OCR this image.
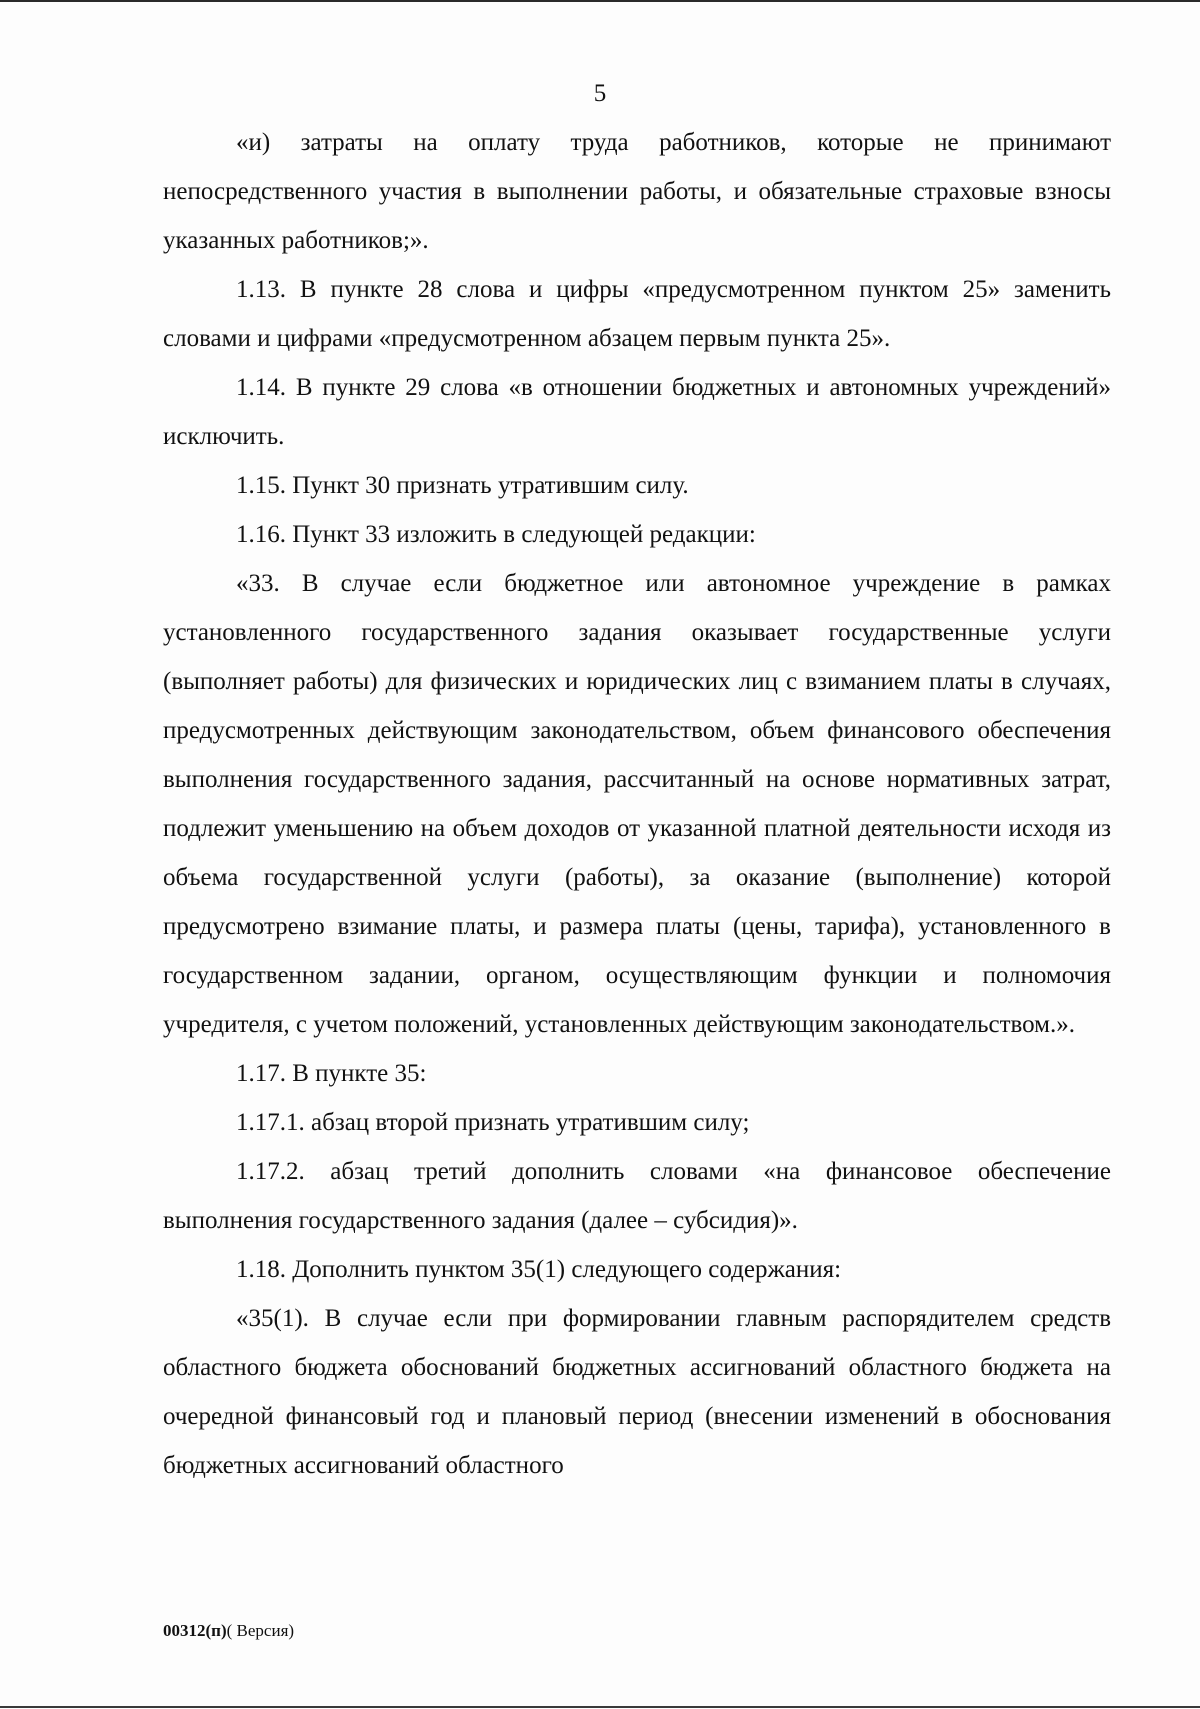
5

«и) затраты на оплату труда работников, которые не принимают непосредственного участия в выполнении работы, и обязательные страховые взносы указанных работников;».

1.13. В пункте 28 слова и цифры «предусмотренном пунктом 25» заменить словами и цифрами «предусмотренном абзацем первым пункта 25».

1.14. В пункте 29 слова «в отношении бюджетных и автономных учреждений» исключить.

1.15. Пункт 30 признать утратившим силу.

1.16. Пункт 33 изложить в следующей редакции:

«33. В случае если бюджетное или автономное учреждение в рамках установленного государственного задания оказывает государственные услуги (выполняет работы) для физических и юридических лиц с взиманием платы в случаях, предусмотренных действующим законодательством, объем финансового обеспечения выполнения государственного задания, рассчитанный на основе нормативных затрат, подлежит уменьшению на объем доходов от указанной платной деятельности исходя из объема государственной услуги (работы), за оказание (выполнение) которой предусмотрено взимание платы, и размера платы (цены, тарифа), установленного в государственном задании, органом, осуществляющим функции и полномочия учредителя, с учетом положений, установленных действующим законодательством.».

1.17. В пункте 35:

1.17.1. абзац второй признать утратившим силу;

1.17.2. абзац третий дополнить словами «на финансовое обеспечение выполнения государственного задания (далее – субсидия)».

1.18. Дополнить пунктом 35(1) следующего содержания:

«35(1). В случае если при формировании главным распорядителем средств областного бюджета обоснований бюджетных ассигнований областного бюджета на очередной финансовый год и плановый период (внесении изменений в обоснования бюджетных ассигнований областного

00312(п)( Версия)
